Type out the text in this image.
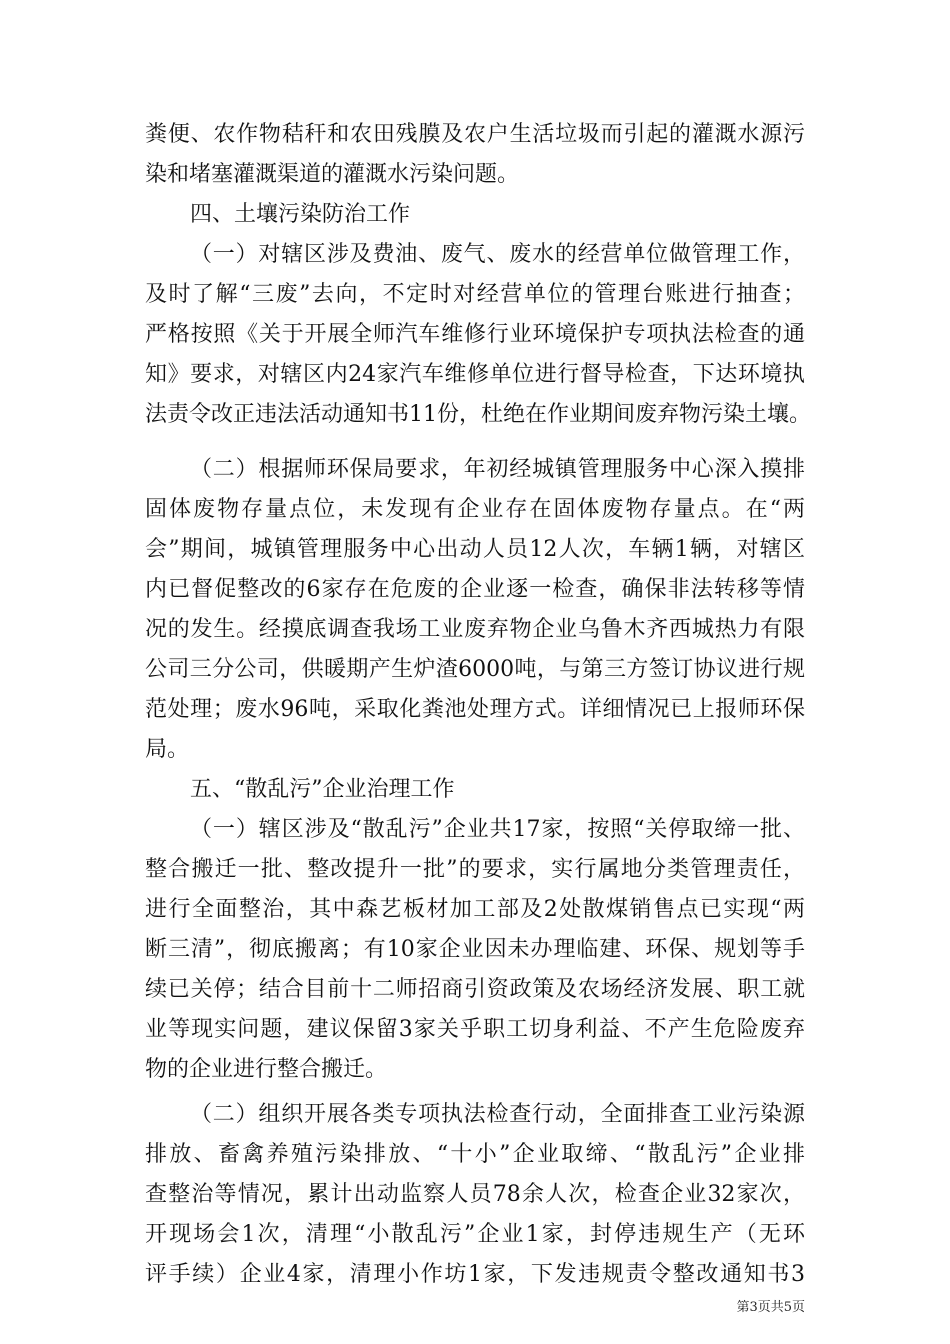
粪便、农作物秸秆和农田残膜及农户生活垃圾而引起的灌溉水源污
染和堵塞灌溉渠道的灌溉水污染问题。
四、土壤污染防治工作
（一）对辖区涉及费油、废气、废水的经营单位做管理工作，
及时了解“三废”去向，不定时对经营单位的管理台账进行抽查；
严格按照《关于开展全师汽车维修行业环境保护专项执法检查的通
知》要求，对辖区内24家汽车维修单位进行督导检查，下达环境执
法责令改正违法活动通知书11份，杜绝在作业期间废弃物污染土壤。
（二）根据师环保局要求，年初经城镇管理服务中心深入摸排
固体废物存量点位，未发现有企业存在固体废物存量点。在“两
会”期间，城镇管理服务中心出动人员12人次，车辆1辆，对辖区
内已督促整改的6家存在危废的企业逐一检查，确保非法转移等情
况的发生。经摸底调查我场工业废弃物企业乌鲁木齐西城热力有限
公司三分公司，供暖期产生炉渣6000吨，与第三方签订协议进行规
范处理；废水96吨，采取化粪池处理方式。详细情况已上报师环保
局。
五、“散乱污”企业治理工作
（一）辖区涉及“散乱污”企业共17家，按照“关停取缔一批、
整合搬迁一批、整改提升一批”的要求，实行属地分类管理责任，
进行全面整治，其中森艺板材加工部及2处散煤销售点已实现“两
断三清”，彻底搬离；有10家企业因未办理临建、环保、规划等手
续已关停；结合目前十二师招商引资政策及农场经济发展、职工就
业等现实问题，建议保留3家关乎职工切身利益、不产生危险废弃
物的企业进行整合搬迁。
（二）组织开展各类专项执法检查行动，全面排查工业污染源
排放、畜禽养殖污染排放、“十小”企业取缔、“散乱污”企业排
查整治等情况，累计出动监察人员78余人次，检查企业32家次，
开现场会1次，清理“小散乱污”企业1家，封停违规生产（无环
评手续）企业4家，清理小作坊1家，下发违规责令整改通知书3
第3页共5页
